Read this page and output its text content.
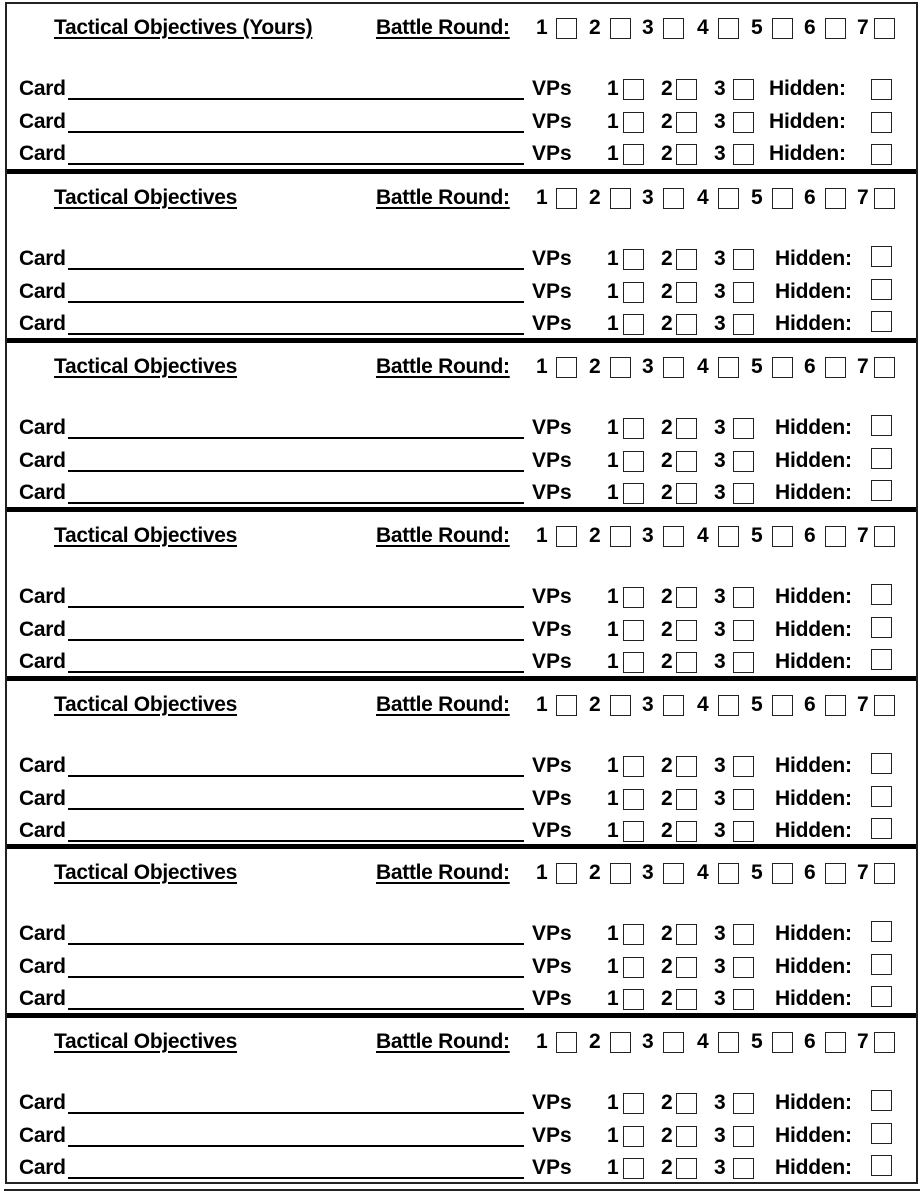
Tactical Objectives (Yours)	Battle Round: 1 2 3 4 5 6 7
Card	VPs 1 2 3 Hidden:
Card	VPs 1 2 3 Hidden:
Card	VPs 1 2 3 Hidden:
Tactical Objectives	Battle Round: 1 2 3 4 5 6 7
Card	VPs 1 2 3 Hidden:
Card	VPs 1 2 3 Hidden:
Card	VPs 1 2 3 Hidden:
Tactical Objectives	Battle Round: 1 2 3 4 5 6 7
Card	VPs 1 2 3 Hidden:
Card	VPs 1 2 3 Hidden:
Card	VPs 1 2 3 Hidden:
Tactical Objectives	Battle Round: 1 2 3 4 5 6 7
Card	VPs 1 2 3 Hidden:
Card	VPs 1 2 3 Hidden:
Card	VPs 1 2 3 Hidden:
Tactical Objectives	Battle Round: 1 2 3 4 5 6 7
Card	VPs 1 2 3 Hidden:
Card	VPs 1 2 3 Hidden:
Card	VPs 1 2 3 Hidden:
Tactical Objectives	Battle Round: 1 2 3 4 5 6 7
Card	VPs 1 2 3 Hidden:
Card	VPs 1 2 3 Hidden:
Card	VPs 1 2 3 Hidden:
Tactical Objectives	Battle Round: 1 2 3 4 5 6 7
Card	VPs 1 2 3 Hidden:
Card	VPs 1 2 3 Hidden:
Card	VPs 1 2 3 Hidden:
